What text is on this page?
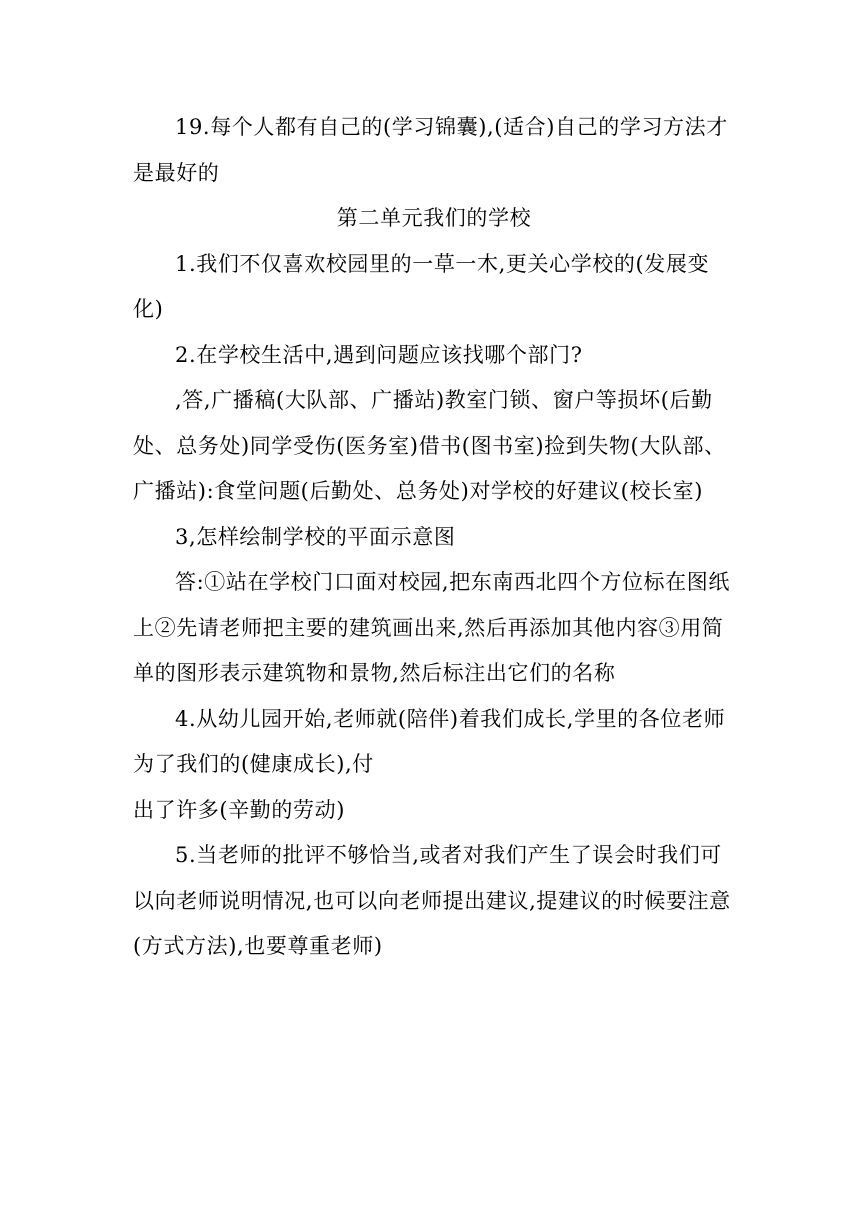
19.每个人都有自己的(学习锦囊),(适合)自己的学习方法才是最好的

第二单元我们的学校

1.我们不仅喜欢校园里的一草一木,更关心学校的(发展变化)

2.在学校生活中,遇到问题应该找哪个部门?

,答,广播稿(大队部、广播站)教室门锁、窗户等损坏(后勤处、总务处)同学受伤(医务室)借书(图书室)捡到失物(大队部、广播站):食堂问题(后勤处、总务处)对学校的好建议(校长室)

3,怎样绘制学校的平面示意图

答:①站在学校门口面对校园,把东南西北四个方位标在图纸上②先请老师把主要的建筑画出来,然后再添加其他内容③用简单的图形表示建筑物和景物,然后标注出它们的名称

4.从幼儿园开始,老师就(陪伴)着我们成长,学里的各位老师为了我们的(健康成长),付

出了许多(辛勤的劳动)

5.当老师的批评不够恰当,或者对我们产生了误会时我们可以向老师说明情况,也可以向老师提出建议,提建议的时候要注意(方式方法),也要尊重老师)
